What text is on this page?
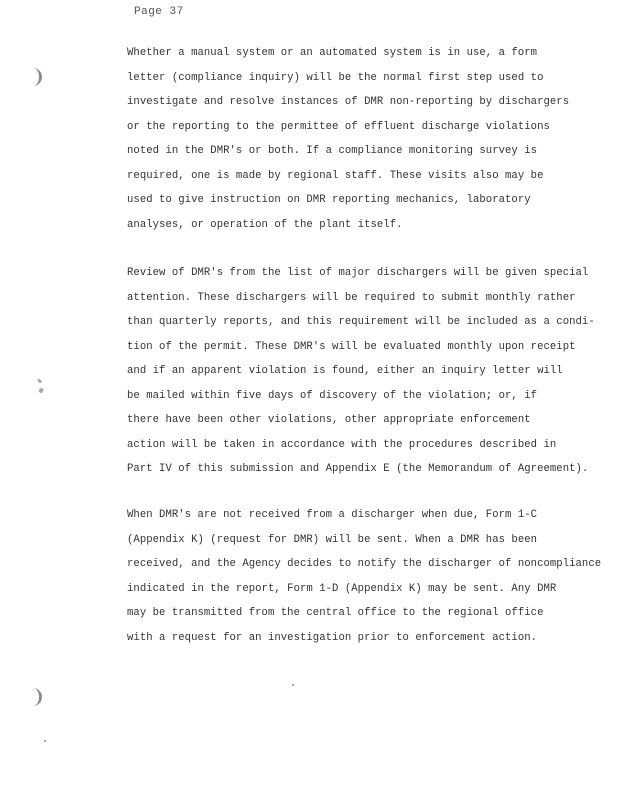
Page 37

Whether a manual system or an automated system is in use, a form
letter (compliance inquiry) will be the normal first step used to
investigate and resolve instances of DMR non-reporting by dischargers
or the reporting to the permittee of effluent discharge violations
noted in the DMR's or both. If a compliance monitoring survey is
required, one is made by regional staff. These visits also may be
used to give instruction on DMR reporting mechanics, laboratory
analyses, or operation of the plant itself.

Review of DMR's from the list of major dischargers will be given special
attention. These dischargers will be required to submit monthly rather
than quarterly reports, and this requirement will be included as a condi-
tion of the permit. These DMR's will be evaluated monthly upon receipt
and if an apparent violation is found, either an inquiry letter will
be mailed within five days of discovery of the violation; or, if
there have been other violations, other appropriate enforcement
action will be taken in accordance with the procedures described in
Part IV of this submission and Appendix E (the Memorandum of Agreement).

When DMR's are not received from a discharger when due, Form 1-C
(Appendix K) (request for DMR) will be sent. When a DMR has been
received, and the Agency decides to notify the discharger of noncompliance
indicated in the report, Form 1-D (Appendix K) may be sent. Any DMR
may be transmitted from the central office to the regional office
with a request for an investigation prior to enforcement action.
